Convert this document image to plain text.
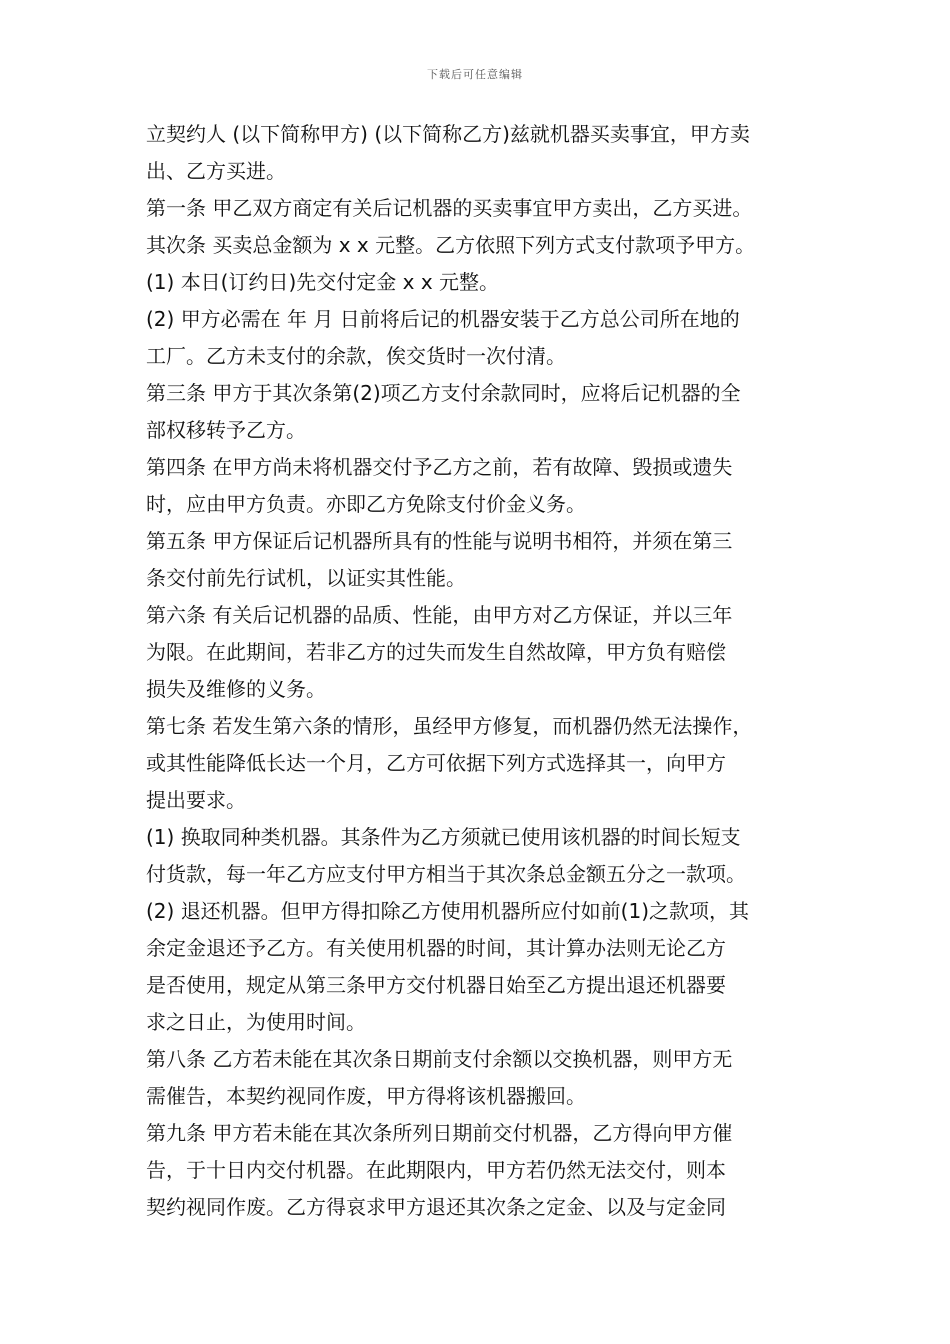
下载后可任意编辑

立契约人 (以下简称甲方) (以下简称乙方)兹就机器买卖事宜，甲方卖
出、乙方买进。

第一条 甲乙双方商定有关后记机器的买卖事宜甲方卖出，乙方买进。

其次条 买卖总金额为 x x 元整。乙方依照下列方式支付款项予甲方。

(1) 本日(订约日)先交付定金 x x 元整。

(2) 甲方必需在 年 月 日前将后记的机器安装于乙方总公司所在地的
工厂。乙方未支付的余款，俟交货时一次付清。

第三条 甲方于其次条第(2)项乙方支付余款同时，应将后记机器的全
部权移转予乙方。

第四条 在甲方尚未将机器交付予乙方之前，若有故障、毁损或遗失
时，应由甲方负责。亦即乙方免除支付价金义务。

第五条 甲方保证后记机器所具有的性能与说明书相符，并须在第三
条交付前先行试机，以证实其性能。

第六条 有关后记机器的品质、性能，由甲方对乙方保证，并以三年
为限。在此期间，若非乙方的过失而发生自然故障，甲方负有赔偿
损失及维修的义务。

第七条 若发生第六条的情形，虽经甲方修复，而机器仍然无法操作，
或其性能降低长达一个月，乙方可依据下列方式选择其一，向甲方
提出要求。

(1) 换取同种类机器。其条件为乙方须就已使用该机器的时间长短支
付货款，每一年乙方应支付甲方相当于其次条总金额五分之一款项。

(2) 退还机器。但甲方得扣除乙方使用机器所应付如前(1)之款项，其
余定金退还予乙方。有关使用机器的时间，其计算办法则无论乙方
是否使用，规定从第三条甲方交付机器日始至乙方提出退还机器要
求之日止，为使用时间。

第八条 乙方若未能在其次条日期前支付余额以交换机器，则甲方无
需催告，本契约视同作废，甲方得将该机器搬回。

第九条 甲方若未能在其次条所列日期前交付机器，乙方得向甲方催
告，于十日内交付机器。在此期限内，甲方若仍然无法交付，则本
契约视同作废。乙方得哀求甲方退还其次条之定金、以及与定金同
